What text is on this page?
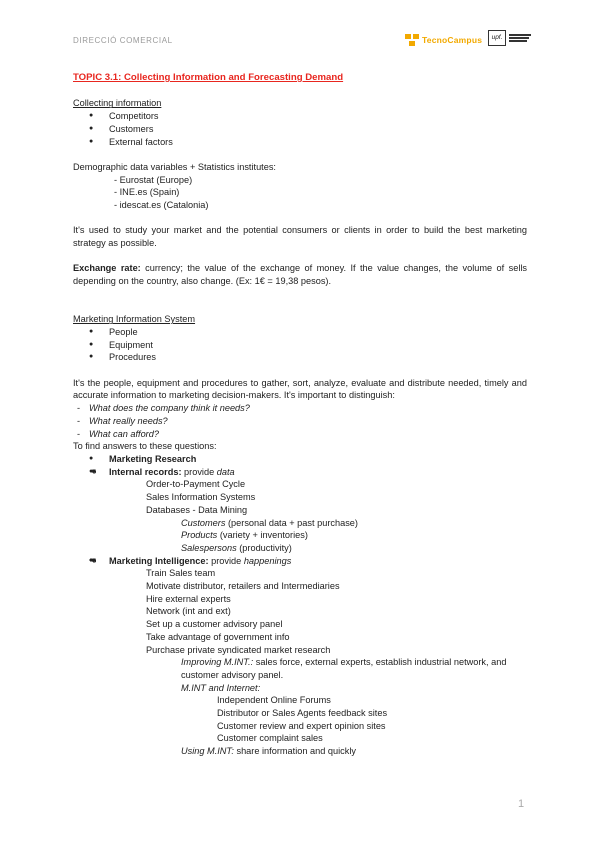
DIRECCIÓ COMERCIAL	TecnoCampus	upf.

TOPIC 3.1: Collecting Information and Forecasting Demand

Collecting information

● Competitors
● Customers
● External factors

Demographic data variables + Statistics institutes:

- Eurostat (Europe)
- INE.es (Spain)
- idescat.es (Catalonia)

It's used to study your market and the potential consumers or clients in order to build the best marketing strategy as possible.

Exchange rate: currency; the value of the exchange of money. If the value changes, the volume of sells depending on the country, also change. (Ex: 1€ = 19,38 pesos).

Marketing Information System

● People
● Equipment
● Procedures

It's the people, equipment and procedures to gather, sort, analyze, evaluate and distribute needed, timely and accurate information to marketing decision-makers. It's important to distinguish:

- What does the company think it needs?
- What really needs?
- What can afford?

To find answers to these questions:

● Marketing Research
● Internal records: provide data
○ Order-to-Payment Cycle
○ Sales Information Systems
○ Databases - Data Mining
■ Customers (personal data + past purchase)
■ Products (variety + inventories)
■ Salespersons (productivity)
● Marketing Intelligence: provide happenings
○ Train Sales team
○ Motivate distributor, retailers and Intermediaries
○ Hire external experts
○ Network (int and ext)
○ Set up a customer advisory panel
○ Take advantage of government info
○ Purchase private syndicated market research
■ Improving M.INT.: sales force, external experts, establish industrial network, and customer advisory panel.
■ M.INT and Internet:
● Independent Online Forums
● Distributor or Sales Agents feedback sites
● Customer review and expert opinion sites
● Customer complaint sales
■ Using M.INT: share information and quickly
1
